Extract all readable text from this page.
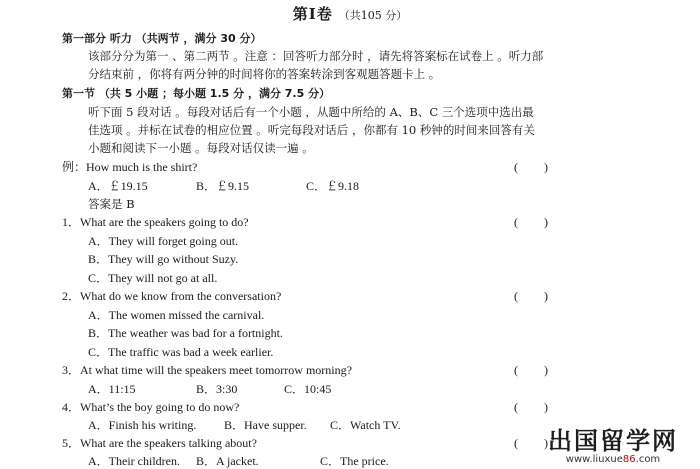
第Ⅰ卷 （共105 分）
第一部分 听力 （共两节 ，满分 30 分）
该部分分为第一 、第二两节 。注意 ：回答听力部分时 ，请先将答案标在试卷上 。听力部
分结束前 ，你将有两分钟的时间将你的答案转涂到客观题答题卡上 。
第一节 （共 5 小题 ；每小题 1.5 分 ，满分 7.5 分）
听下面 5 段对话 。每段对话后有一个小题 ，从题中所给的 A、B、C 三个选项中选出最
佳选项 。并标在试卷的相应位置 。听完每段对话后 ，你都有 10 秒钟的时间来回答有关
小题和阅读下一小题 。每段对话仅读一遍 。
例：How much is the shirt?	( )
A．￡19.15	B．￡9.15	C．￡9.18
答案是 B
1．What are the speakers going to do?	( )
A．They will forget going out.
B．They will go without Suzy.
C．They will not go at all.
2．What do we know from the conversation?	( )
A．The women missed the carnival.
B．The weather was bad for a fortnight.
C．The traffic was bad a week earlier.
3．At what time will the speakers meet tomorrow morning?	( )
A．11:15	B．3:30	C．10:45
4．What’s the boy going to do now?	( )
A．Finish his writing. B．Have supper. C．Watch TV.
5．What are the speakers talking about?	( )
A．Their children. B．A jacket.	C．The price.
出国留学网
www.liuxue86.com
